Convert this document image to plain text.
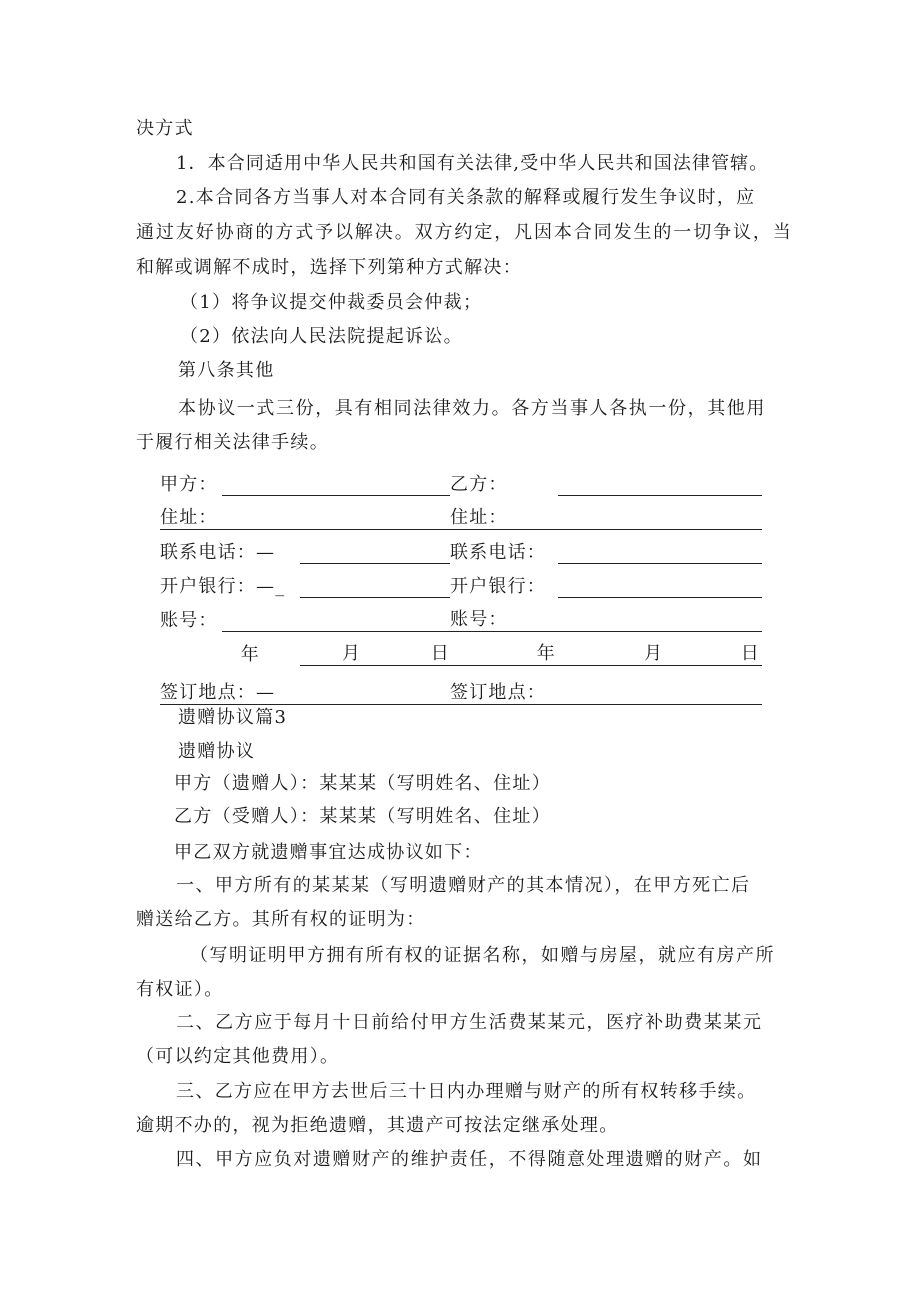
决方式
1．本合同适用中华人民共和国有关法律,受中华人民共和国法律管辖。
2.本合同各方当事人对本合同有关条款的解释或履行发生争议时，应
通过友好协商的方式予以解决。双方约定，凡因本合同发生的一切争议，当
和解或调解不成时，选择下列第种方式解决：
（1）将争议提交仲裁委员会仲裁；
（2）依法向人民法院提起诉讼。
第八条其他
本协议一式三份，具有相同法律效力。各方当事人各执一份，其他用
于履行相关法律手续。
甲方：			乙方：	
住址：			住址：	
联系电话：—			联系电话：	
开户银行：—_			开户银行：	
账号：			账号：	
年		月 日	年	月 日

签订地点：—			签订地点：	
遗赠协议篇3
遗赠协议
甲方（遗赠人）：某某某（写明姓名、住址）
乙方（受赠人）：某某某（写明姓名、住址）
甲乙双方就遗赠事宜达成协议如下：
一、甲方所有的某某某（写明遗赠财产的其本情况），在甲方死亡后
赠送给乙方。其所有权的证明为：
（写明证明甲方拥有所有权的证据名称，如赠与房屋，就应有房产所
有权证）。
二、乙方应于每月十日前给付甲方生活费某某元，医疗补助费某某元
（可以约定其他费用）。
三、乙方应在甲方去世后三十日内办理赠与财产的所有权转移手续。
逾期不办的，视为拒绝遗赠，其遗产可按法定继承处理。
四、甲方应负对遗赠财产的维护责任，不得随意处理遗赠的财产。如
